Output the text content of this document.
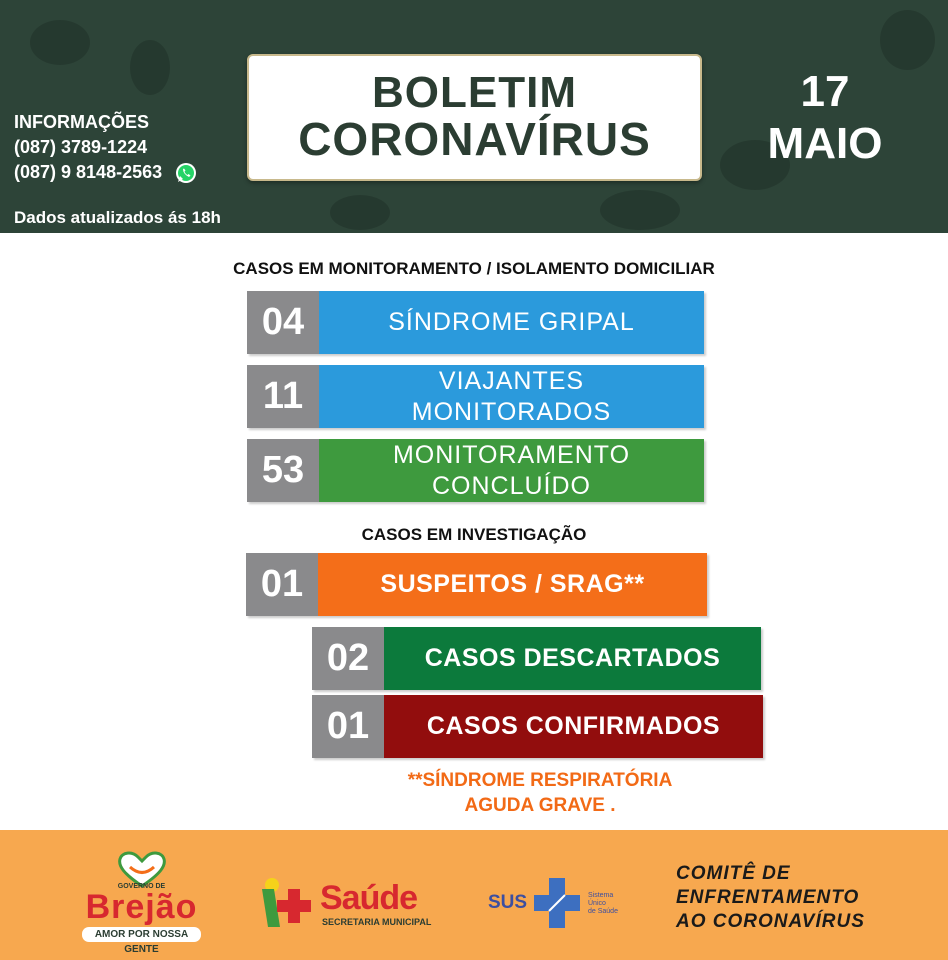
INFORMAÇÕES
(087) 3789-1224
(087) 9 8148-2563
Dados atualizados ás 18h
BOLETIM
CORONAVÍRUS
17
MAIO
CASOS EM MONITORAMENTO / ISOLAMENTO DOMICILIAR
04	SÍNDROME GRIPAL
11	VIAJANTES
MONITORADOS
53	MONITORAMENTO
CONCLUÍDO
CASOS EM INVESTIGAÇÃO
01	SUSPEITOS / SRAG**
02	CASOS DESCARTADOS
01	CASOS CONFIRMADOS
**SÍNDROME RESPIRATÓRIA
AGUDA GRAVE .
GOVERNO DE
Brejão
AMOR POR NOSSA GENTE
Saúde
SECRETARIA MUNICIPAL
SUS	Sistema
Único
de Saúde
COMITÊ DE
ENFRENTAMENTO
AO CORONAVÍRUS
